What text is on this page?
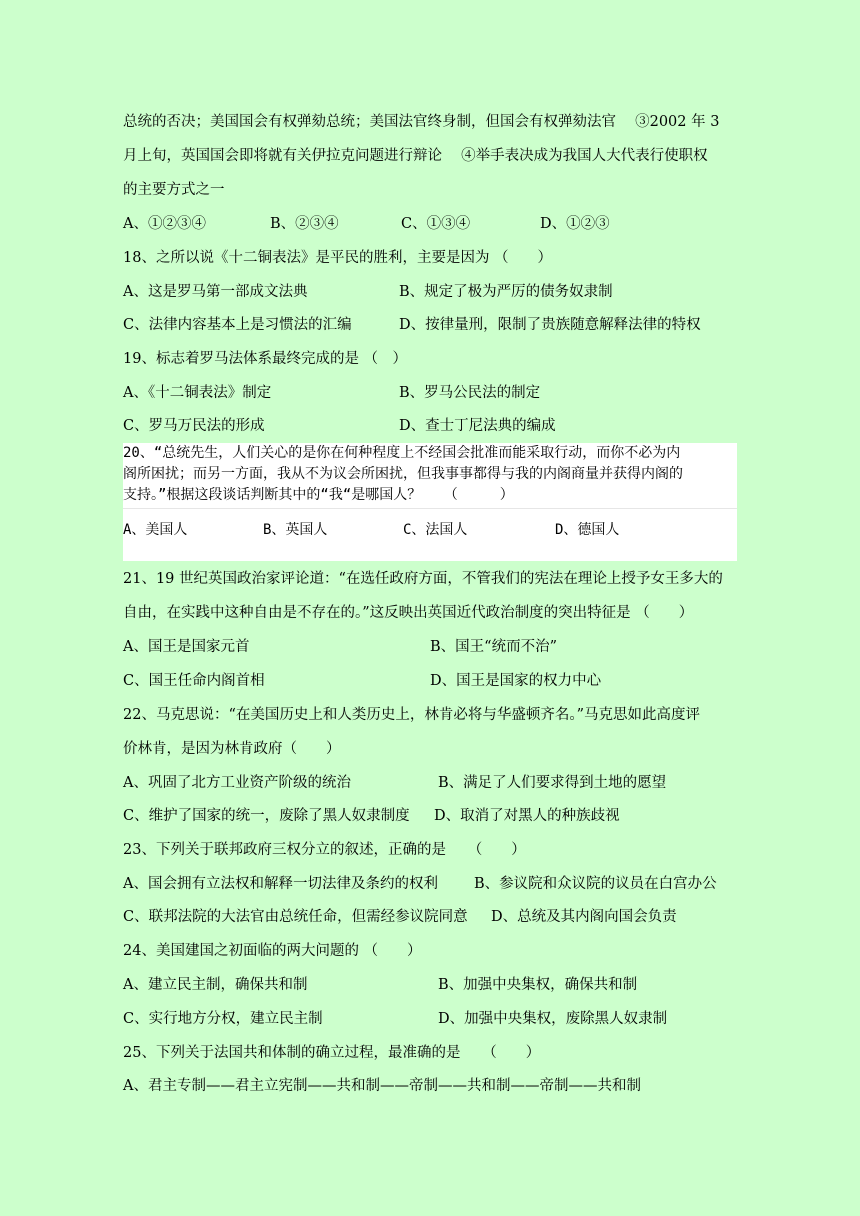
总统的否决；美国国会有权弹劾总统；美国法官终身制，但国会有权弹劾法官　 ③2002 年 3
月上旬，英国国会即将就有关伊拉克问题进行辩论　 ④举手表决成为我国人大代表行使职权
的主要方式之一
A、①②③④	B、②③④	C、①③④	D、①②③
18、之所以说《十二铜表法》是平民的胜利，主要是因为 （　　）
A、这是罗马第一部成文法典	B、规定了极为严厉的债务奴隶制
C、法律内容基本上是习惯法的汇编	D、按律量刑，限制了贵族随意解释法律的特权
19、标志着罗马法体系最终完成的是 （　）
A、《十二铜表法》制定	B、罗马公民法的制定
C、罗马万民法的形成	D、查士丁尼法典的编成
20、“总统先生，人们关心的是你在何种程度上不经国会批准而能采取行动，而你不必为内
阁所困扰；而另一方面，我从不为议会所困扰，但我事事都得与我的内阁商量并获得内阁的
支持。”根据这段谈话判断其中的“我“是哪国人？　 （　　　）
A、美国人	B、英国人	C、法国人	D、德国人
21、19 世纪英国政治家评论道：“在选任政府方面，不管我们的宪法在理论上授予女王多大的
自由，在实践中这种自由是不存在的。”这反映出英国近代政治制度的突出特征是 （　　）
A、国王是国家元首	B、国王“统而不治”
C、国王任命内阁首相	D、国王是国家的权力中心
22、马克思说：“在美国历史上和人类历史上，林肯必将与华盛顿齐名。”马克思如此高度评
价林肯，是因为林肯政府（　　）
A、巩固了北方工业资产阶级的统治	B、满足了人们要求得到土地的愿望
C、维护了国家的统一，废除了黑人奴隶制度 D、取消了对黑人的种族歧视
23、下列关于联邦政府三权分立的叙述，正确的是　　（　　）
A、国会拥有立法权和解释一切法律及条约的权利 B、参议院和众议院的议员在白宫办公
C、联邦法院的大法官由总统任命，但需经参议院同意 D、总统及其内阁向国会负责
24、美国建国之初面临的两大问题的 （　　）
A、建立民主制，确保共和制	B、加强中央集权，确保共和制
C、实行地方分权，建立民主制	D、加强中央集权，废除黑人奴隶制
25、下列关于法国共和体制的确立过程，最准确的是　　（　　）
A、君主专制——君主立宪制——共和制——帝制——共和制——帝制——共和制
